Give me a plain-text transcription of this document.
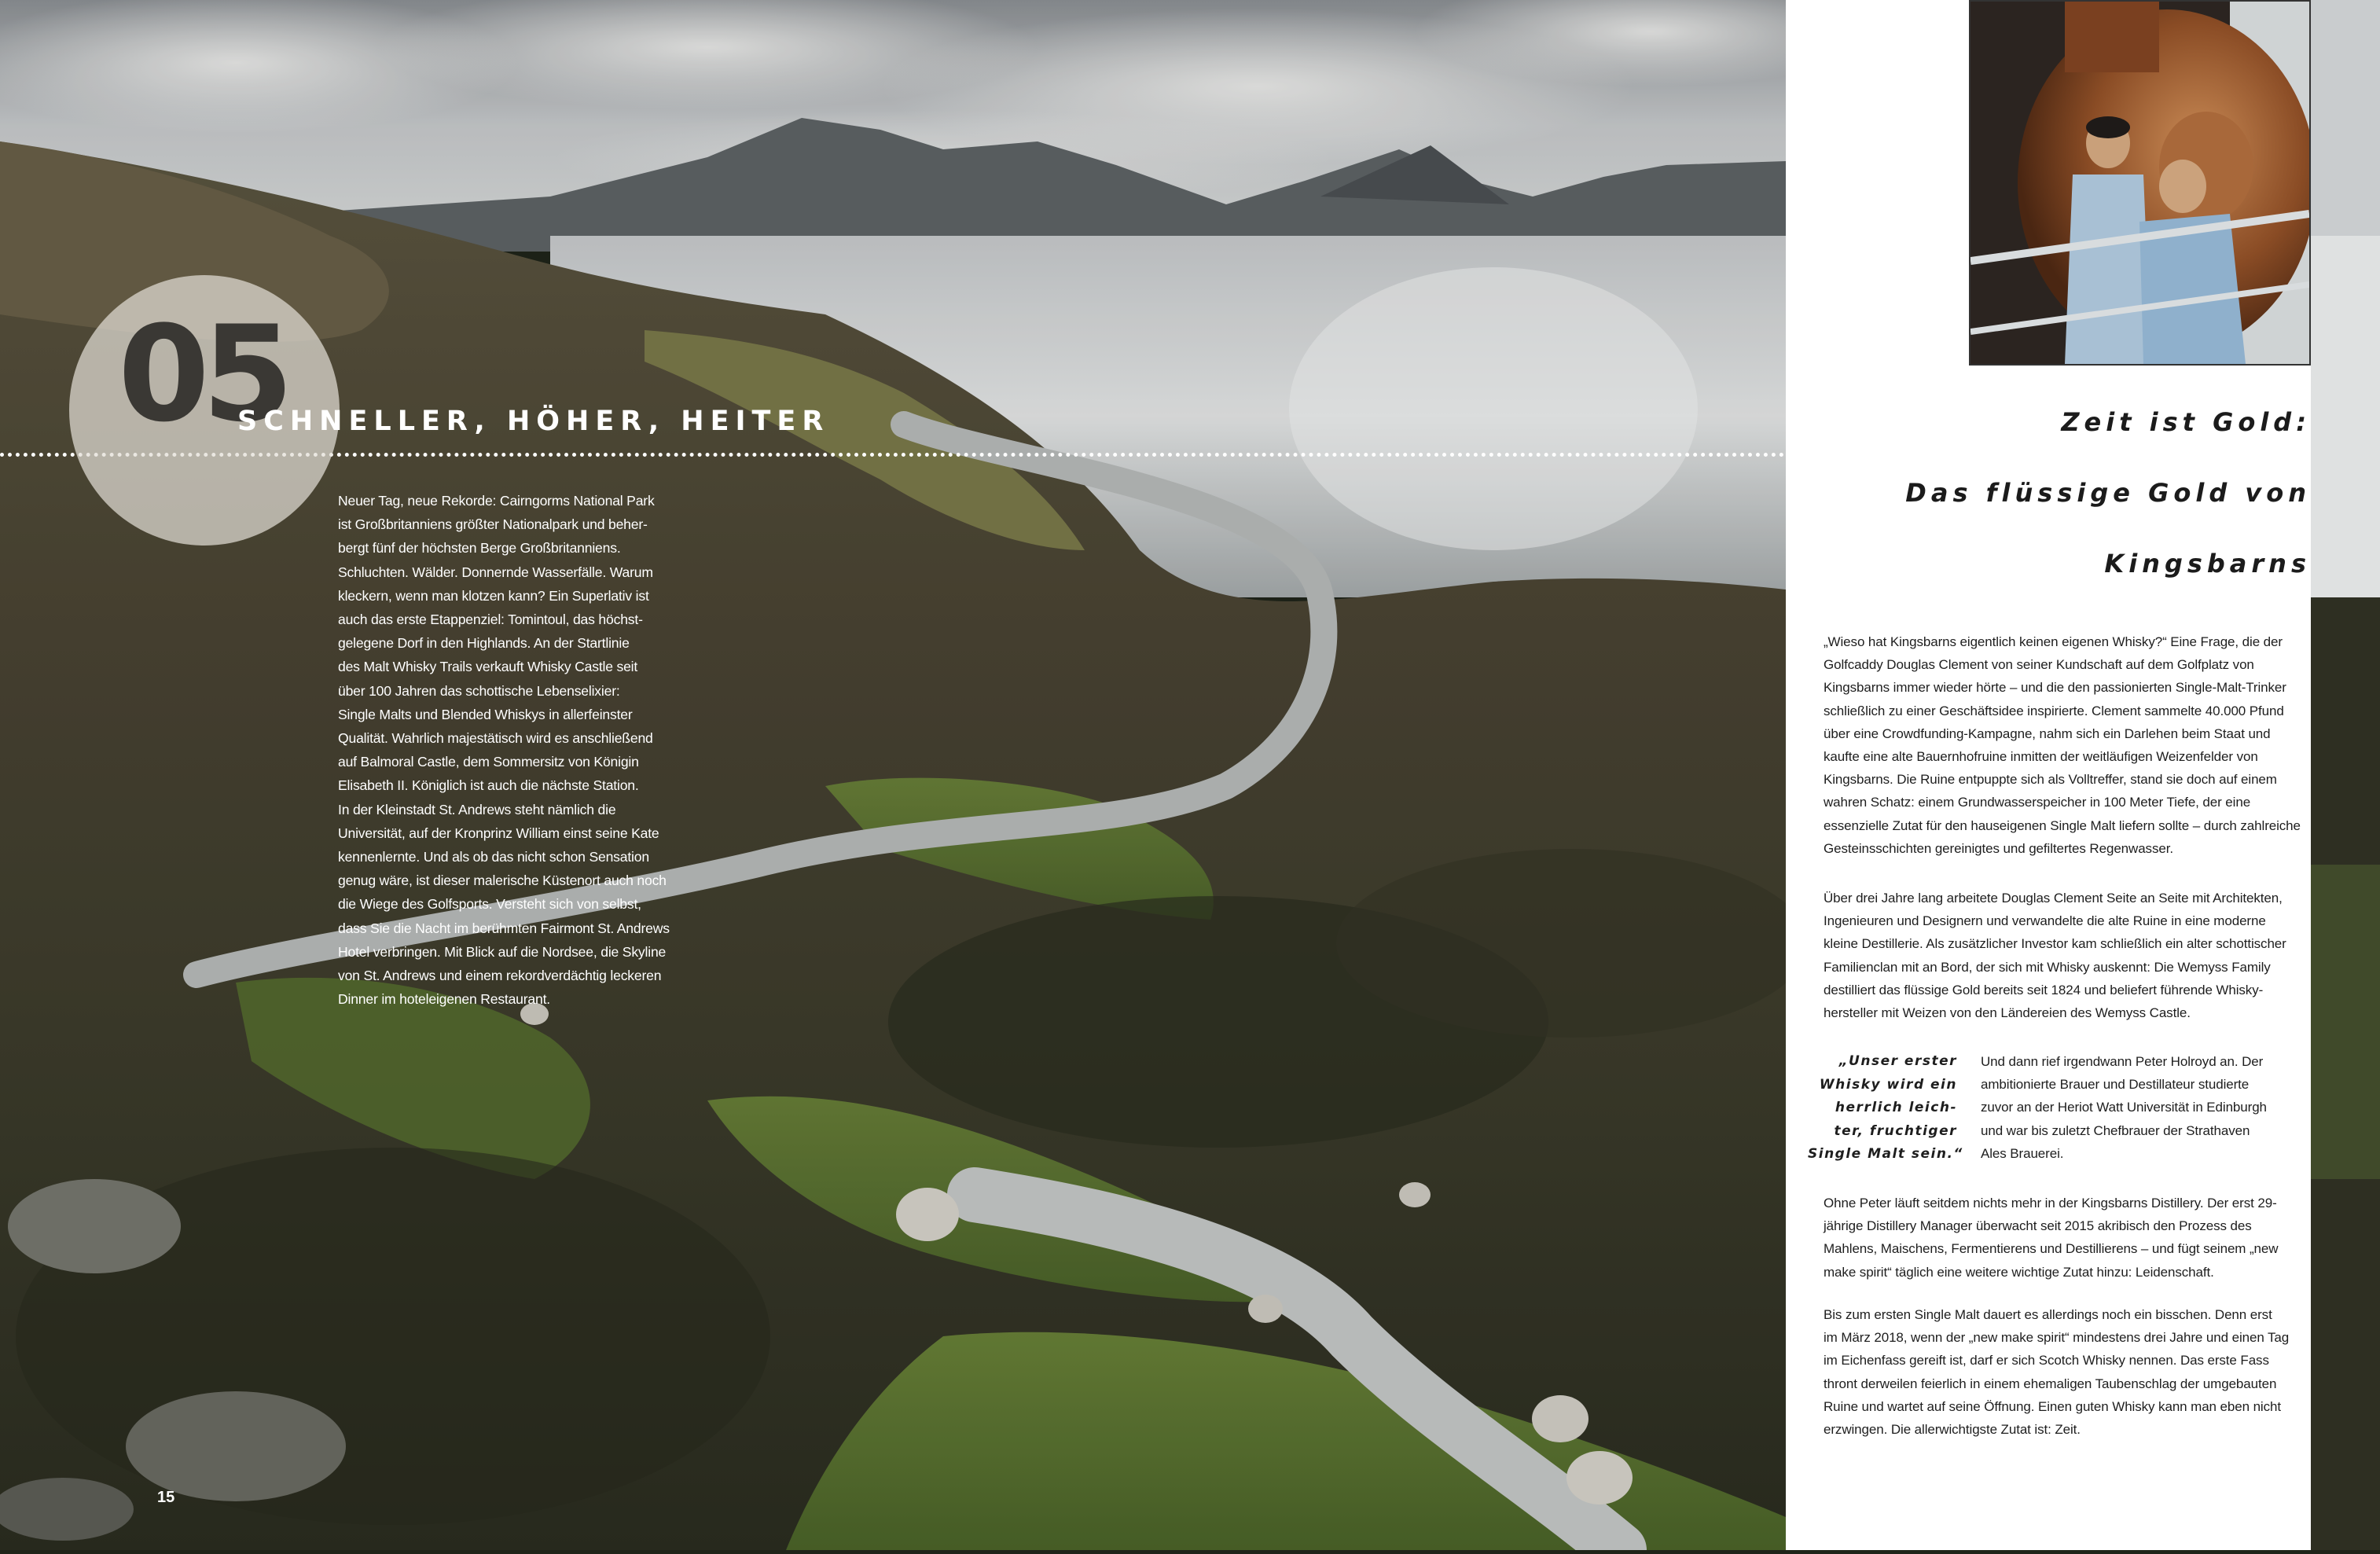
05
SCHNELLER, HÖHER, HEITER
Neuer Tag, neue Rekorde: Cairngorms National Park
ist Großbritanniens größter Nationalpark und beher-
bergt fünf der höchsten Berge Großbritanniens.
Schluchten. Wälder. Donnernde Wasserfälle. Warum
kleckern, wenn man klotzen kann? Ein Superlativ ist
auch das erste Etappenziel: Tomintoul, das höchst-
gelegene Dorf in den Highlands. An der Startlinie
des Malt Whisky Trails verkauft Whisky Castle seit
über 100 Jahren das schottische Lebenselixier:
Single Malts und Blended Whiskys in allerfeinster
Qualität. Wahrlich majestätisch wird es anschließend
auf Balmoral Castle, dem Sommersitz von Königin
Elisabeth II. Königlich ist auch die nächste Station.
In der Kleinstadt St. Andrews steht nämlich die
Universität, auf der Kronprinz William einst seine Kate
kennenlernte. Und als ob das nicht schon Sensation
genug wäre, ist dieser malerische Küstenort auch noch
die Wiege des Golfsports. Versteht sich von selbst,
dass Sie die Nacht im berühmten Fairmont St. Andrews
Hotel verbringen. Mit Blick auf die Nordsee, die Skyline
von St. Andrews und einem rekordverdächtig leckeren
Dinner im hoteleigenen Restaurant.
15
Zeit ist Gold:
Das flüssige Gold von
Kingsbarns
„Wieso hat Kingsbarns eigentlich keinen eigenen Whisky?“ Eine Frage, die der
Golfcaddy Douglas Clement von seiner Kundschaft auf dem Golfplatz von
Kingsbarns immer wieder hörte – und die den passionierten Single-Malt-Trinker
schließlich zu einer Geschäftsidee inspirierte. Clement sammelte 40.000 Pfund
über eine Crowdfunding-Kampagne, nahm sich ein Darlehen beim Staat und
kaufte eine alte Bauernhofruine inmitten der weitläufigen Weizenfelder von
Kingsbarns. Die Ruine entpuppte sich als Volltreffer, stand sie doch auf einem
wahren Schatz: einem Grundwasserspeicher in 100 Meter Tiefe, der eine
essenzielle Zutat für den hauseigenen Single Malt liefern sollte – durch zahlreiche
Gesteinsschichten gereinigtes und gefiltertes Regenwasser.
Über drei Jahre lang arbeitete Douglas Clement Seite an Seite mit Architekten,
Ingenieuren und Designern und verwandelte die alte Ruine in eine moderne
kleine Destillerie. Als zusätzlicher Investor kam schließlich ein alter schottischer
Familienclan mit an Bord, der sich mit Whisky auskennt: Die Wemyss Family
destilliert das flüssige Gold bereits seit 1824 und beliefert führende Whisky-
hersteller mit Weizen von den Ländereien des Wemyss Castle.
„Unser erster
Whisky wird ein
herrlich leich-
ter, fruchtiger
Single Malt sein.“
Und dann rief irgendwann Peter Holroyd an. Der
ambitionierte Brauer und Destillateur studierte
zuvor an der Heriot Watt Universität in Edinburgh
und war bis zuletzt Chefbrauer der Strathaven
Ales Brauerei.
Ohne Peter läuft seitdem nichts mehr in der Kingsbarns Distillery. Der erst 29-
jährige Distillery Manager überwacht seit 2015 akribisch den Prozess des
Mahlens, Maischens, Fermentierens und Destillierens – und fügt seinem „new
make spirit“ täglich eine weitere wichtige Zutat hinzu: Leidenschaft.
Bis zum ersten Single Malt dauert es allerdings noch ein bisschen. Denn erst
im März 2018, wenn der „new make spirit“ mindestens drei Jahre und einen Tag
im Eichenfass gereift ist, darf er sich Scotch Whisky nennen. Das erste Fass
thront derweilen feierlich in einem ehemaligen Taubenschlag der umgebauten
Ruine und wartet auf seine Öffnung. Einen guten Whisky kann man eben nicht
erzwingen. Die allerwichtigste Zutat ist: Zeit.
